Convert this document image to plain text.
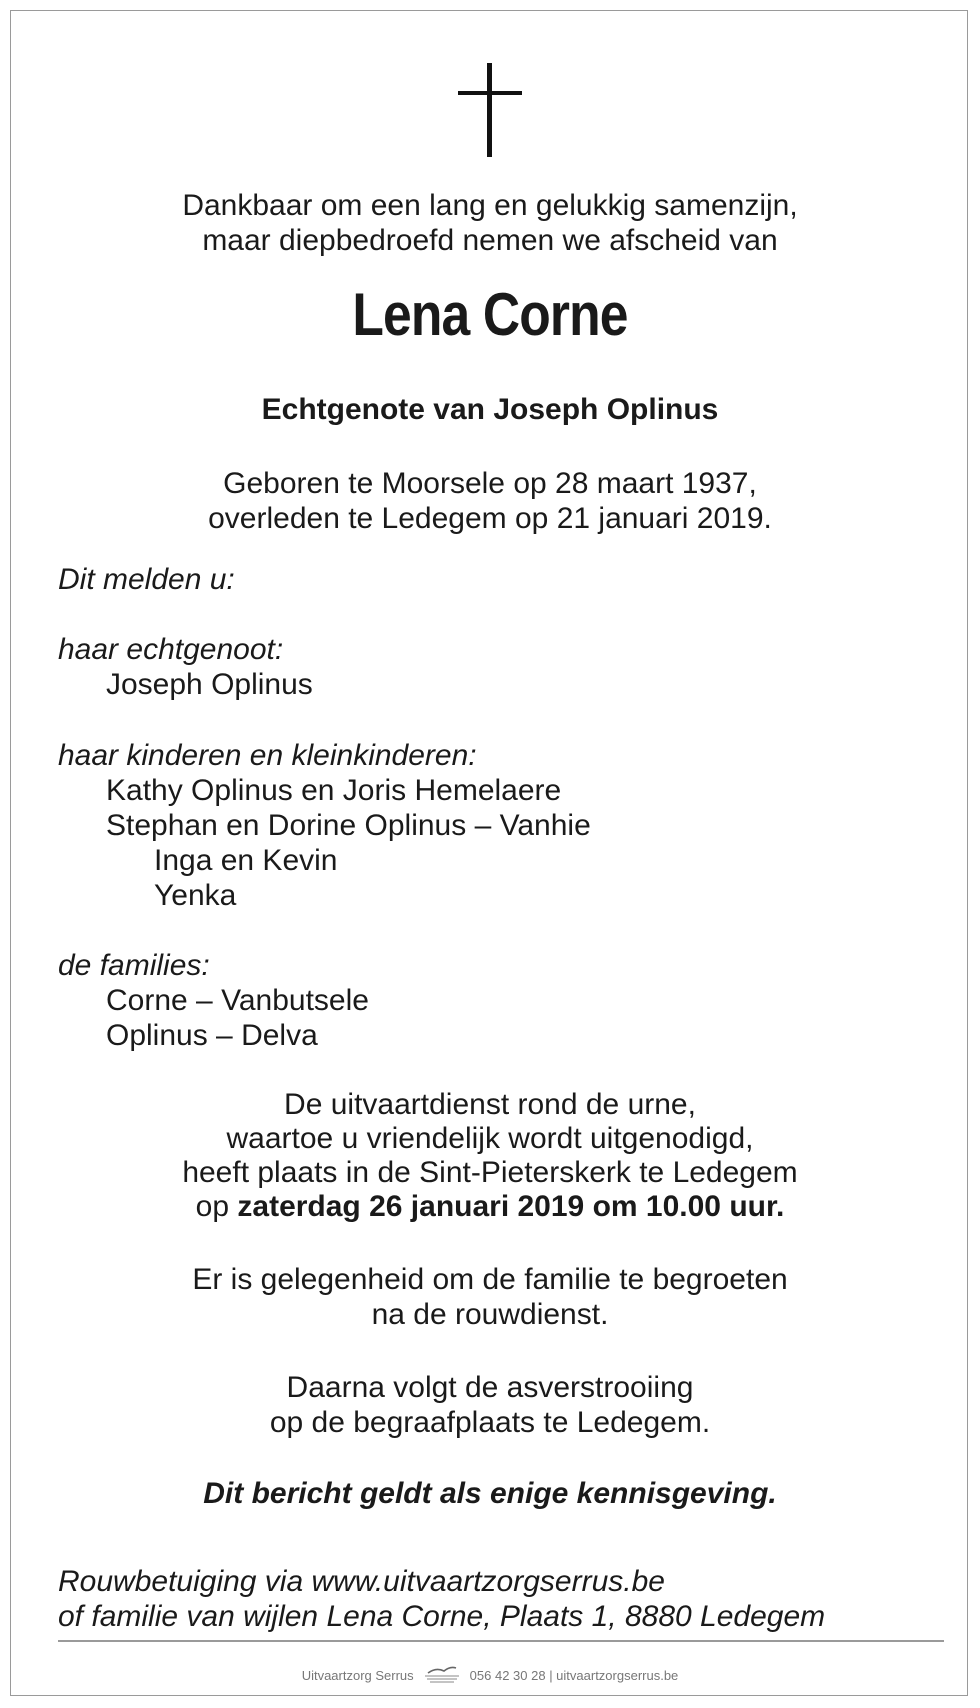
Dankbaar om een lang en gelukkig samenzijn,
maar diepbedroefd nemen we afscheid van
Lena Corne
Echtgenote van Joseph Oplinus
Geboren te Moorsele op 28 maart 1937,
overleden te Ledegem op 21 januari 2019.
Dit melden u:
haar echtgenoot:
Joseph Oplinus
haar kinderen en kleinkinderen:
Kathy Oplinus en Joris Hemelaere
Stephan en Dorine Oplinus – Vanhie
Inga en Kevin
Yenka
de families:
Corne – Vanbutsele
Oplinus – Delva
De uitvaartdienst rond de urne,
waartoe u vriendelijk wordt uitgenodigd,
heeft plaats in de Sint-Pieterskerk te Ledegem
op zaterdag 26 januari 2019 om 10.00 uur.
Er is gelegenheid om de familie te begroeten
na de rouwdienst.
Daarna volgt de asverstrooiing
op de begraafplaats te Ledegem.
Dit bericht geldt als enige kennisgeving.
Rouwbetuiging via www.uitvaartzorgserrus.be
of familie van wijlen Lena Corne, Plaats 1, 8880 Ledegem
Uitvaartzorg Serrus	056 42 30 28 | uitvaartzorgserrus.be
